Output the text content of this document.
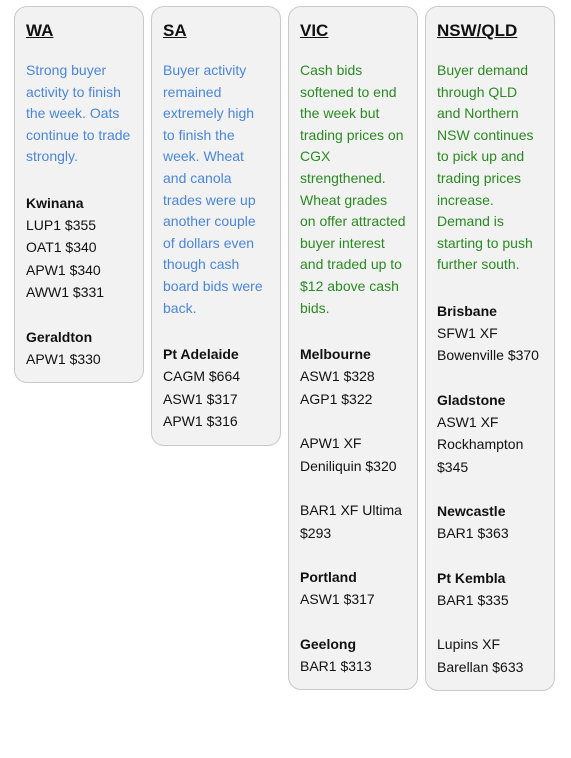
WA

Strong buyer activity to finish the week. Oats continue to trade strongly.

Kwinana
LUP1 $355
OAT1 $340
APW1 $340
AWW1 $331
Geraldton
APW1 $330
SA

Buyer activity remained extremely high to finish the week. Wheat and canola trades were up another couple of dollars even though cash board bids were back.

Pt Adelaide
CAGM $664
ASW1 $317
APW1 $316
VIC

Cash bids softened to end the week but trading prices on CGX strengthened. Wheat grades on offer attracted buyer interest and traded up to $12 above cash bids.

Melbourne
ASW1 $328
AGP1 $322
APW1 XF Deniliquin $320
BAR1 XF Ultima $293
Portland
ASW1 $317
Geelong
BAR1 $313
NSW/QLD

Buyer demand through QLD and Northern NSW continues to pick up and trading prices increase. Demand is starting to push further south.

Brisbane
SFW1 XF Bowenville $370
Gladstone
ASW1 XF Rockhampton $345
Newcastle
BAR1 $363
Pt Kembla
BAR1 $335
Lupins XF Barellan $633
